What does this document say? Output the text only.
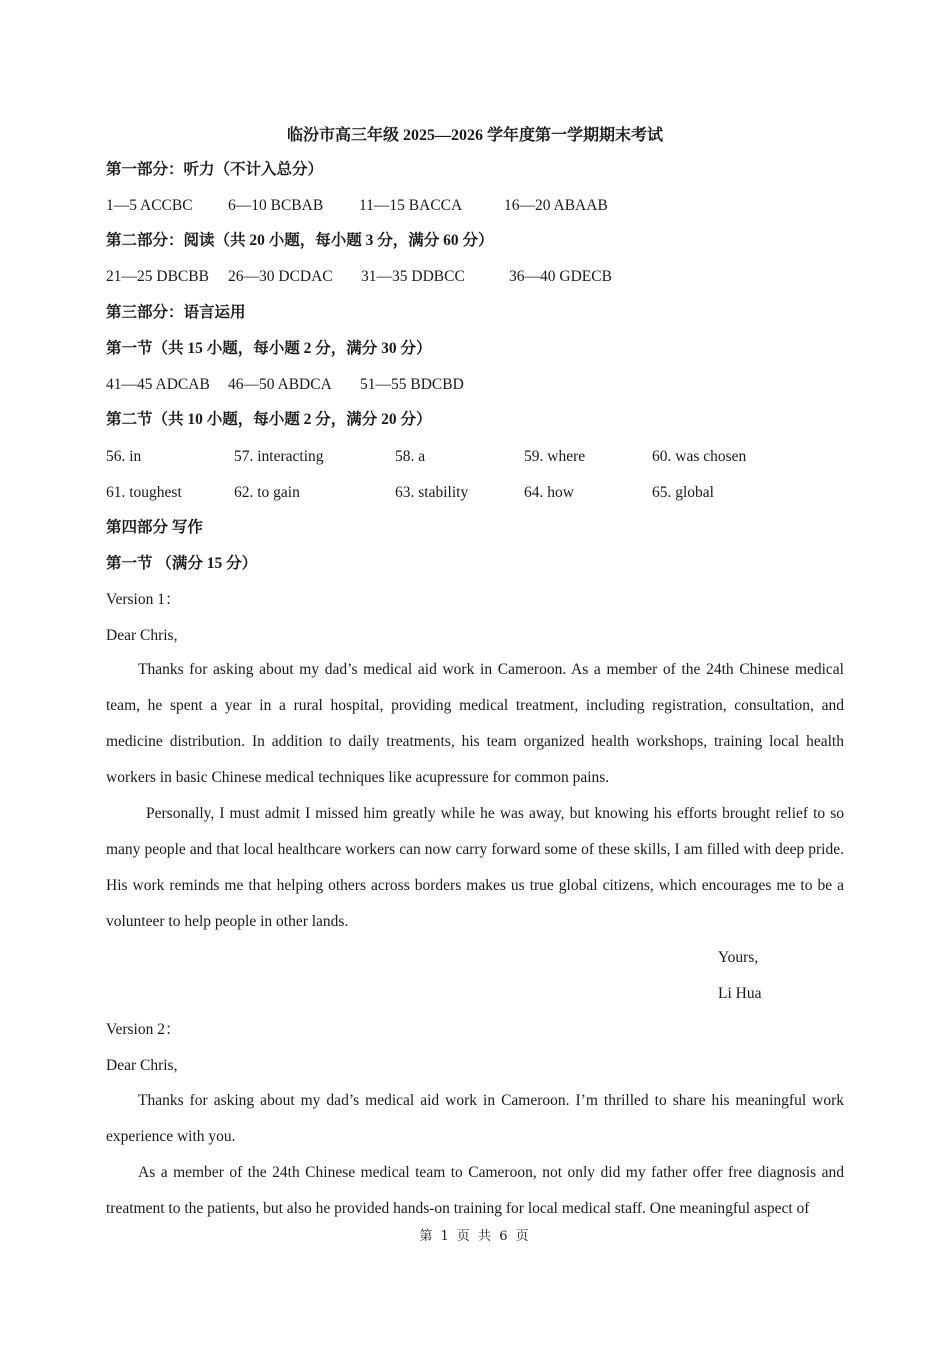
临汾市高三年级 2025—2026 学年度第一学期期末考试
第一部分：听力（不计入总分）
1—5 ACCBC 6—10 BCBAB 11—15 BACCA	16—20 ABAAB
第二部分：阅读（共 20 小题，每小题 3 分，满分 60 分）
21—25 DBCBB 26—30 DCDAC 31—35 DDBCC	36—40 GDECB
第三部分：语言运用
第一节（共 15 小题，每小题 2 分，满分 30 分）
41—45 ADCAB 46—50 ABDCA 51—55 BDCBD
第二节（共 10 小题，每小题 2 分，满分 20 分）
56. in	57. interacting	58. a	59. where	60. was chosen
61. toughest	62. to gain	63. stability	64. how	65. global
第四部分 写作
第一节 （满分 15 分）
Version 1：
Dear Chris,
Thanks for asking about my dad’s medical aid work in Cameroon. As a member of the 24th Chinese medical team, he spent a year in a rural hospital, providing medical treatment, including registration, consultation, and medicine distribution. In addition to daily treatments, his team organized health workshops, training local health workers in basic Chinese medical techniques like acupressure for common pains.
Personally, I must admit I missed him greatly while he was away, but knowing his efforts brought relief to so many people and that local healthcare workers can now carry forward some of these skills, I am filled with deep pride. His work reminds me that helping others across borders makes us true global citizens, which encourages me to be a volunteer to help people in other lands.
Yours,
Li Hua
Version 2：
Dear Chris,
Thanks for asking about my dad’s medical aid work in Cameroon. I’m thrilled to share his meaningful work experience with you.
As a member of the 24th Chinese medical team to Cameroon, not only did my father offer free diagnosis and treatment to the patients, but also he provided hands-on training for local medical staff. One meaningful aspect of
第 1 页 共 6 页
